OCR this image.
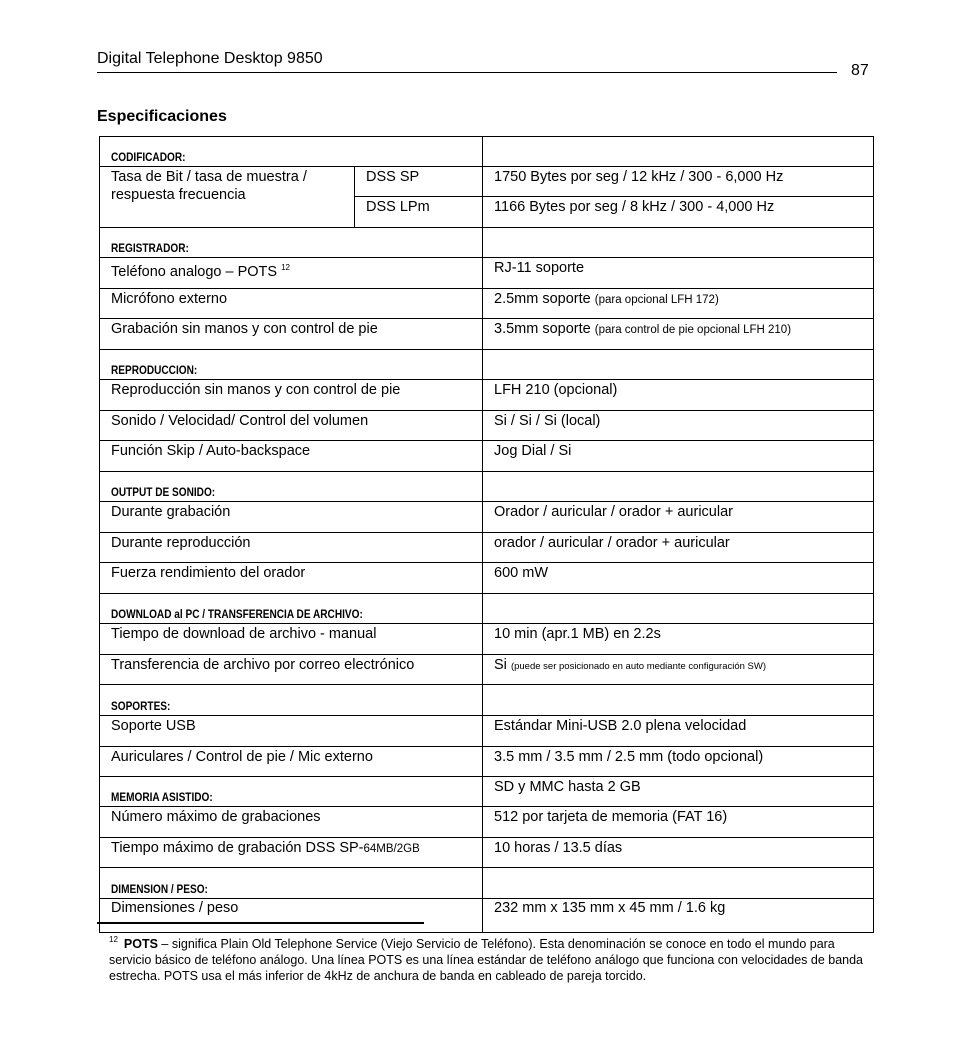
Digital Telephone Desktop 9850
87
Especificaciones
CODIFICADOR:		
Tasa de Bit / tasa de muestra / respuesta frecuencia	DSS SP	1750 Bytes por seg / 12 kHz / 300 - 6,000 Hz
	DSS LPm	1166 Bytes por seg / 8 kHz / 300 - 4,000 Hz
REGISTRADOR:		
Teléfono analogo – POTS $^{12}$		RJ-11 soporte
Micrófono externo		2.5mm soporte (para opcional LFH 172)
Grabación sin manos y con control de pie		3.5mm soporte (para control de pie opcional LFH 210)
REPRODUCCION:		
Reproducción sin manos y con control de pie		LFH 210 (opcional)
Sonido / Velocidad/ Control del volumen		Si / Si / Si (local)
Función Skip / Auto-backspace		Jog Dial / Si
OUTPUT DE SONIDO:		
Durante grabación		Orador / auricular / orador + auricular
Durante reproducción		orador / auricular / orador + auricular
Fuerza rendimiento del orador		600 mW
DOWNLOAD al PC / TRANSFERENCIA DE ARCHIVO:		
Tiempo de download de archivo - manual		10 min (apr.1 MB) en 2.2s
Transferencia de archivo por correo electrónico		Si (puede ser posicionado en auto mediante configuración SW)
SOPORTES:		
Soporte USB		Estándar Mini-USB 2.0 plena velocidad
Auriculares / Control de pie / Mic externo		3.5 mm / 3.5 mm / 2.5 mm (todo opcional)
MEMORIA ASISTIDO:		SD y MMC hasta 2 GB
Número máximo de grabaciones		512 por tarjeta de memoria (FAT 16)
Tiempo máximo de grabación DSS SP-64MB/2GB		10 horas / 13.5 días
DIMENSION / PESO:		
Dimensiones / peso		232 mm x 135 mm x 45 mm / 1.6 kg
$^{12}$ POTS – significa Plain Old Telephone Service (Viejo Servicio de Teléfono). Esta denominación se conoce en todo el mundo para servicio básico de teléfono análogo. Una línea POTS es una línea estándar de teléfono análogo que funciona con velocidades de banda estrecha. POTS usa el más inferior de 4kHz de anchura de banda en cableado de pareja torcido.
